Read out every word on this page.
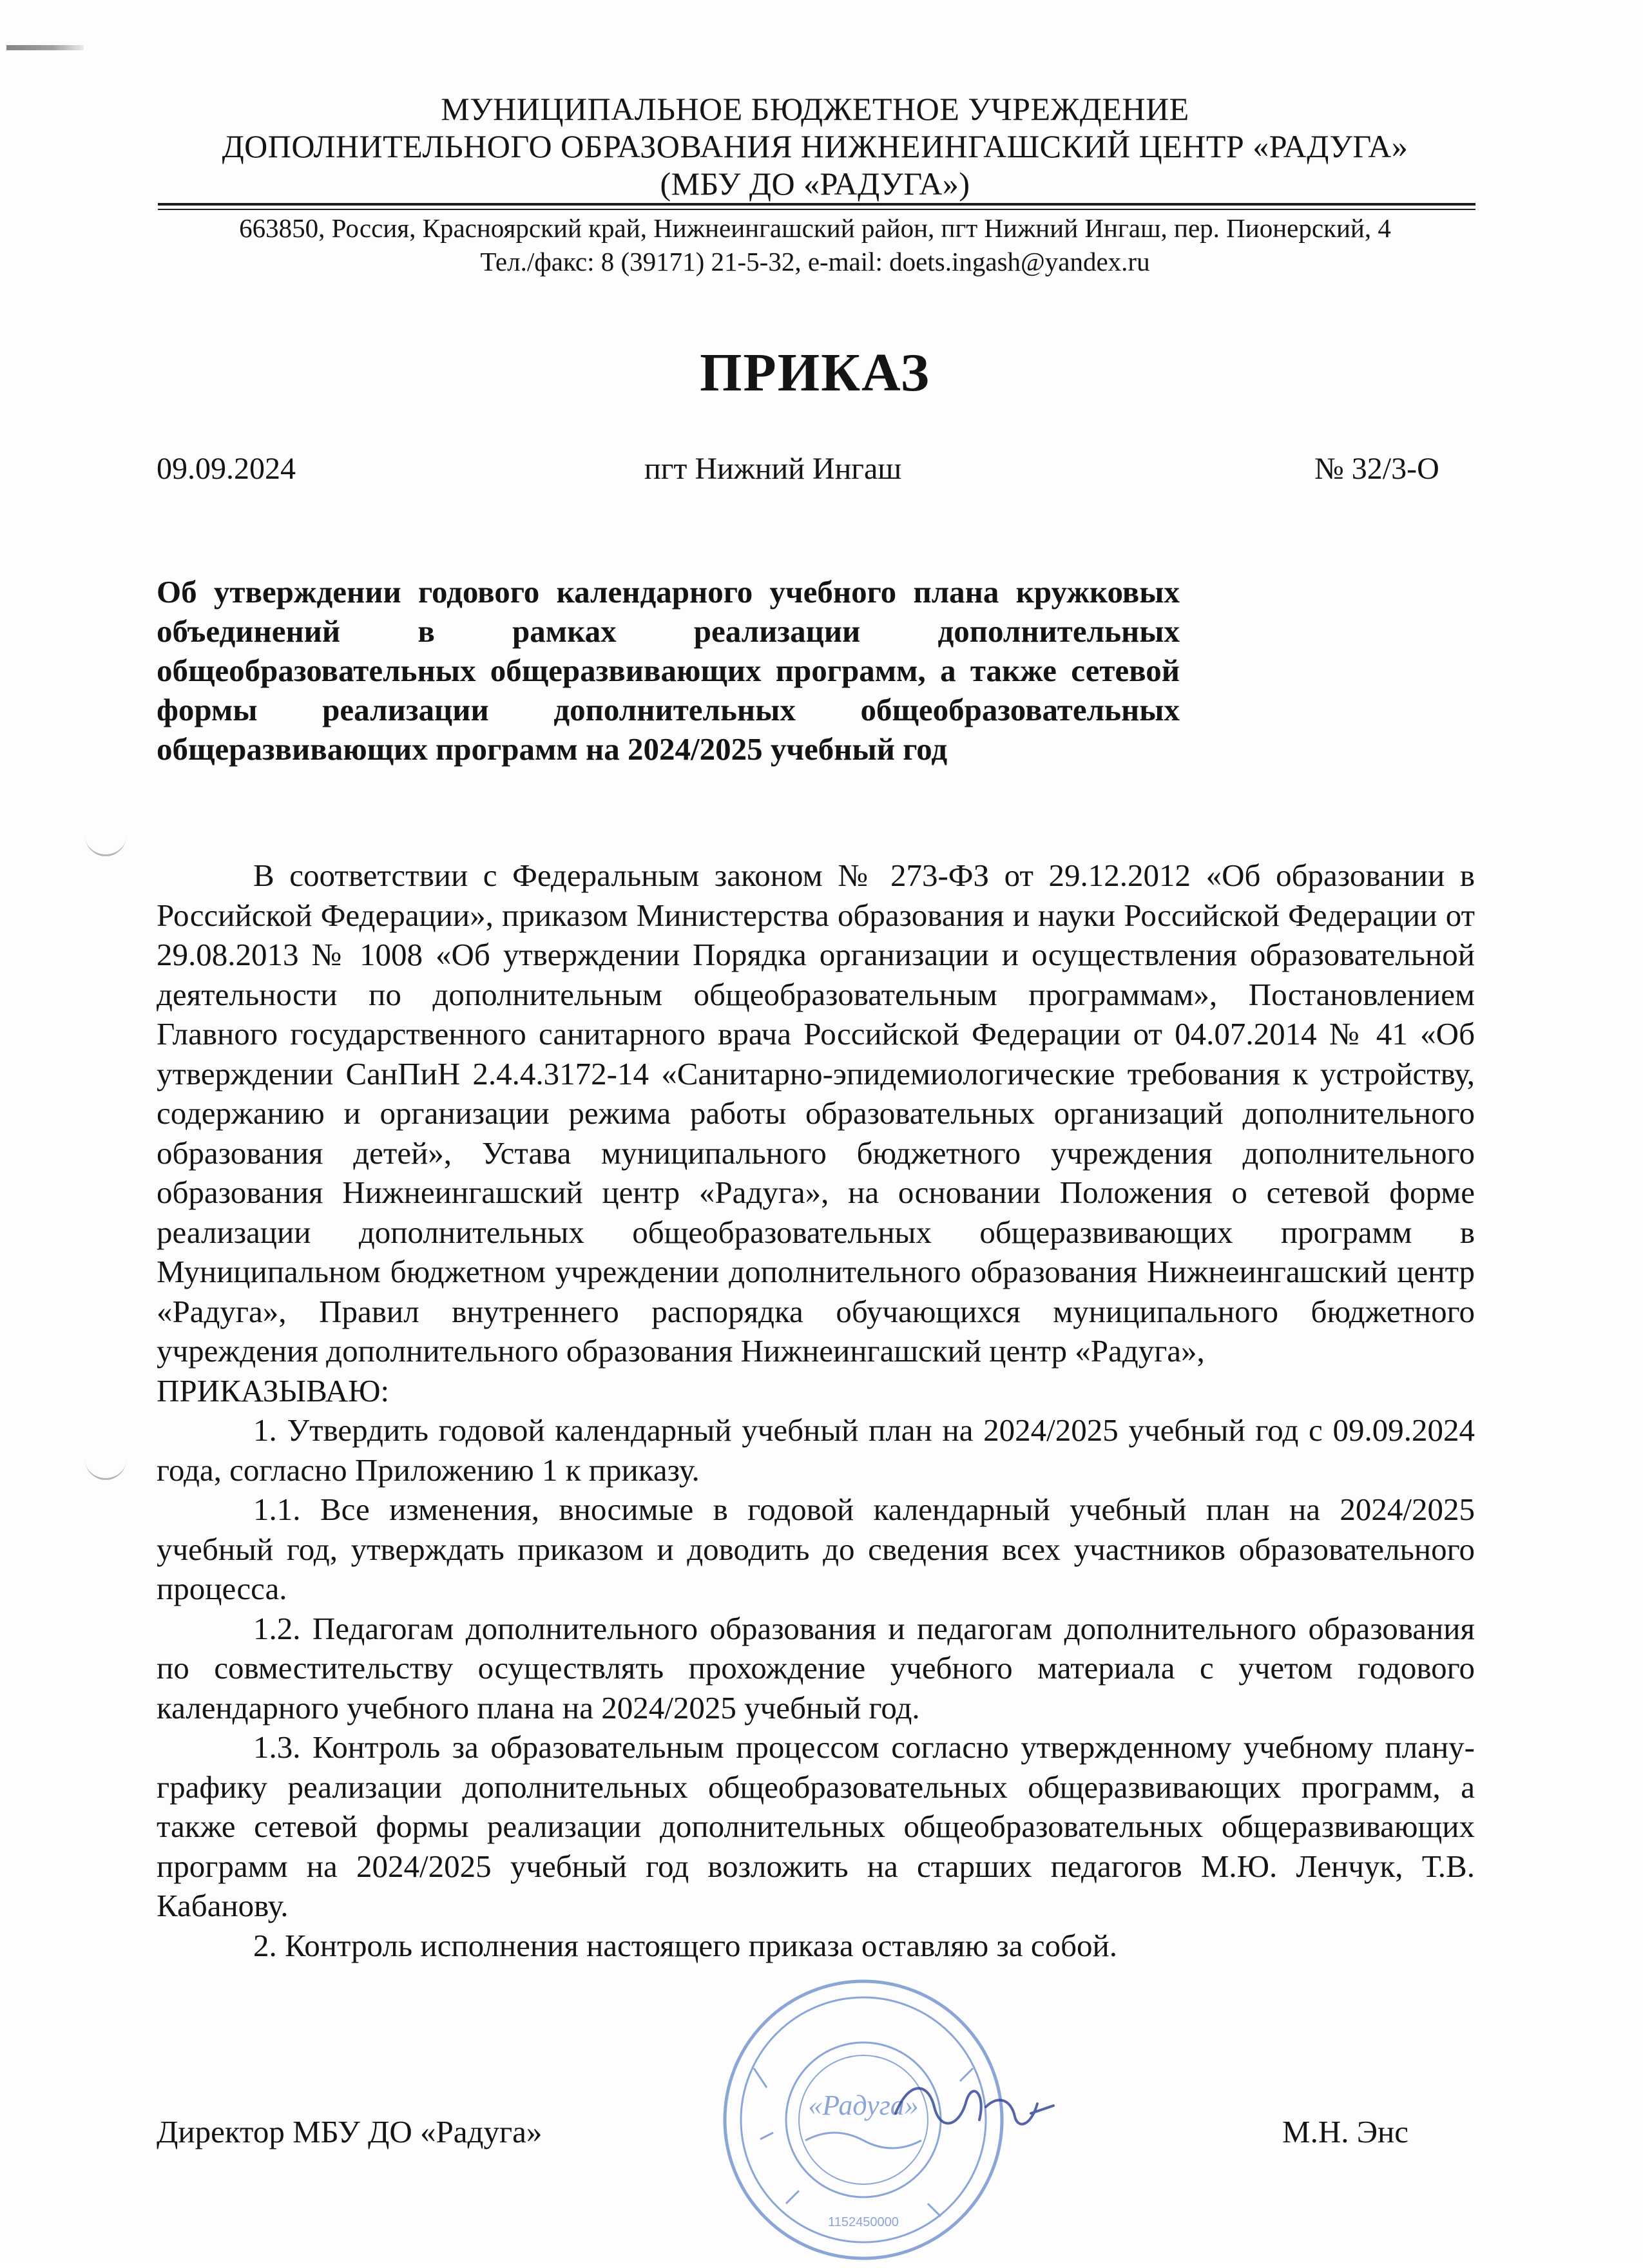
МУНИЦИПАЛЬНОЕ БЮДЖЕТНОЕ УЧРЕЖДЕНИЕ
ДОПОЛНИТЕЛЬНОГО ОБРАЗОВАНИЯ НИЖНЕИНГАШСКИЙ ЦЕНТР «РАДУГА»
(МБУ ДО «РАДУГА»)
663850, Россия, Красноярский край, Нижнеингашский район, пгт Нижний Ингаш, пер. Пионерский, 4
Тел./факс: 8 (39171) 21-5-32, e-mail: doets.ingash@yandex.ru
ПРИКАЗ
09.09.2024	пгт Нижний Ингаш	№ 32/3-О
Об утверждении годового календарного учебного плана кружковых объединений в рамках реализации дополнительных общеобразовательных общеразвивающих программ, а также сетевой формы реализации дополнительных общеобразовательных общеразвивающих программ на 2024/2025 учебный год

В соответствии с Федеральным законом № 273-ФЗ от 29.12.2012 «Об образовании в Российской Федерации», приказом Министерства образования и науки Российской Федерации от 29.08.2013 № 1008 «Об утверждении Порядка организации и осуществления образовательной деятельности по дополнительным общеобразовательным программам», Постановлением Главного государственного санитарного врача Российской Федерации от 04.07.2014 № 41 «Об утверждении СанПиН 2.4.4.3172-14 «Санитарно-эпидемиологические требования к устройству, содержанию и организации режима работы образовательных организаций дополнительного образования детей», Устава муниципального бюджетного учреждения дополнительного образования Нижнеингашский центр «Радуга», на основании Положения о сетевой форме реализации дополнительных общеобразовательных общеразвивающих программ в Муниципальном бюджетном учреждении дополнительного образования Нижнеингашский центр «Радуга», Правил внутреннего распорядка обучающихся муниципального бюджетного учреждения дополнительного образования Нижнеингашский центр «Радуга»,

ПРИКАЗЫВАЮ:

1. Утвердить годовой календарный учебный план на 2024/2025 учебный год с 09.09.2024 года, согласно Приложению 1 к приказу.

1.1. Все изменения, вносимые в годовой календарный учебный план на 2024/2025 учебный год, утверждать приказом и доводить до сведения всех участников образовательного процесса.

1.2. Педагогам дополнительного образования и педагогам дополнительного образования по совместительству осуществлять прохождение учебного материала с учетом годового календарного учебного плана на 2024/2025 учебный год.

1.3. Контроль за образовательным процессом согласно утвержденному учебному плану-графику реализации дополнительных общеобразовательных общеразвивающих программ, а также сетевой формы реализации дополнительных общеобразовательных общеразвивающих программ на 2024/2025 учебный год возложить на старших педагогов М.Ю. Ленчук, Т.В. Кабанову.

2. Контроль исполнения настоящего приказа оставляю за собой.

«Радуга»
1152450000
Директор МБУ ДО «Радуга»	М.Н. Энс
